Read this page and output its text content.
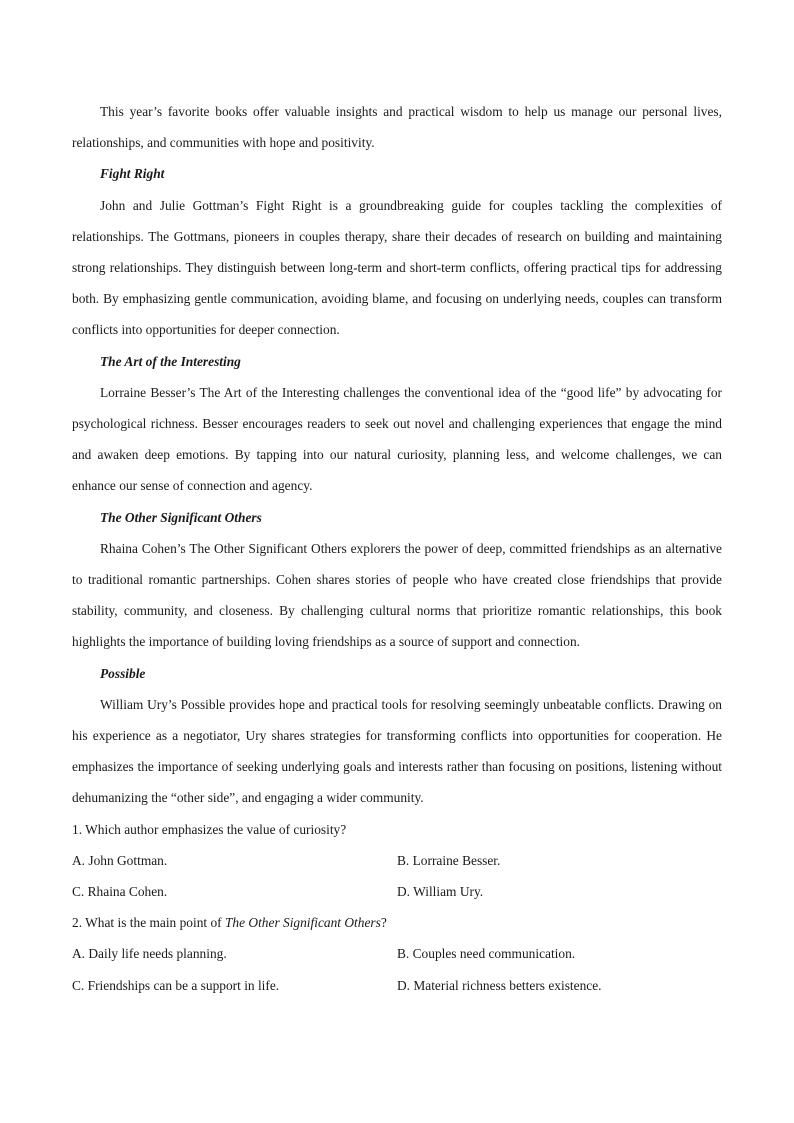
This year’s favorite books offer valuable insights and practical wisdom to help us manage our personal lives, relationships, and communities with hope and positivity.

Fight Right

John and Julie Gottman’s Fight Right is a groundbreaking guide for couples tackling the complexities of relationships. The Gottmans, pioneers in couples therapy, share their decades of research on building and maintaining strong relationships. They distinguish between long-term and short-term conflicts, offering practical tips for addressing both. By emphasizing gentle communication, avoiding blame, and focusing on underlying needs, couples can transform conflicts into opportunities for deeper connection.

The Art of the Interesting

Lorraine Besser’s The Art of the Interesting challenges the conventional idea of the “good life” by advocating for psychological richness. Besser encourages readers to seek out novel and challenging experiences that engage the mind and awaken deep emotions. By tapping into our natural curiosity, planning less, and welcome challenges, we can enhance our sense of connection and agency.

The Other Significant Others

Rhaina Cohen’s The Other Significant Others explorers the power of deep, committed friendships as an alternative to traditional romantic partnerships. Cohen shares stories of people who have created close friendships that provide stability, community, and closeness. By challenging cultural norms that prioritize romantic relationships, this book highlights the importance of building loving friendships as a source of support and connection.

Possible

William Ury’s Possible provides hope and practical tools for resolving seemingly unbeatable conflicts. Drawing on his experience as a negotiator, Ury shares strategies for transforming conflicts into opportunities for cooperation. He emphasizes the importance of seeking underlying goals and interests rather than focusing on positions, listening without dehumanizing the “other side”, and engaging a wider community.

1. Which author emphasizes the value of curiosity?

A. John Gottman.	B. Lorraine Besser.

C. Rhaina Cohen.	D. William Ury.

2. What is the main point of The Other Significant Others?

A. Daily life needs planning.	B. Couples need communication.

C. Friendships can be a support in life.	D. Material richness betters existence.
